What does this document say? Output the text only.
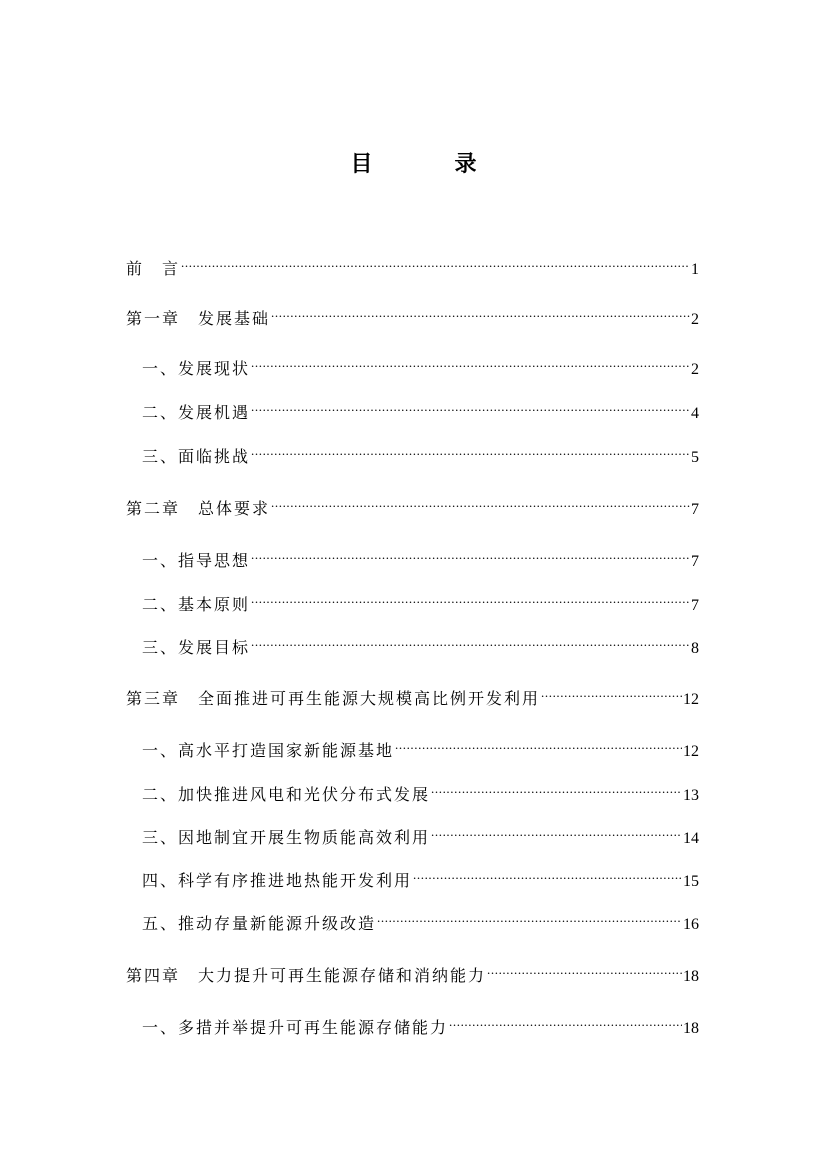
目　录
前　言 .....	1
第一章　发展基础 .....	2
一、发展现状 .....	2
二、发展机遇 .....	4
三、面临挑战 .....	5
第二章　总体要求 .....	7
一、指导思想 .....	7
二、基本原则 .....	7
三、发展目标 .....	8
第三章　全面推进可再生能源大规模高比例开发利用 .....	12
一、高水平打造国家新能源基地 .....	12
二、加快推进风电和光伏分布式发展 .....	13
三、因地制宜开展生物质能高效利用 .....	14
四、科学有序推进地热能开发利用 .....	15
五、推动存量新能源升级改造 .....	16
第四章　大力提升可再生能源存储和消纳能力 .....	18
一、多措并举提升可再生能源存储能力 .....	18
